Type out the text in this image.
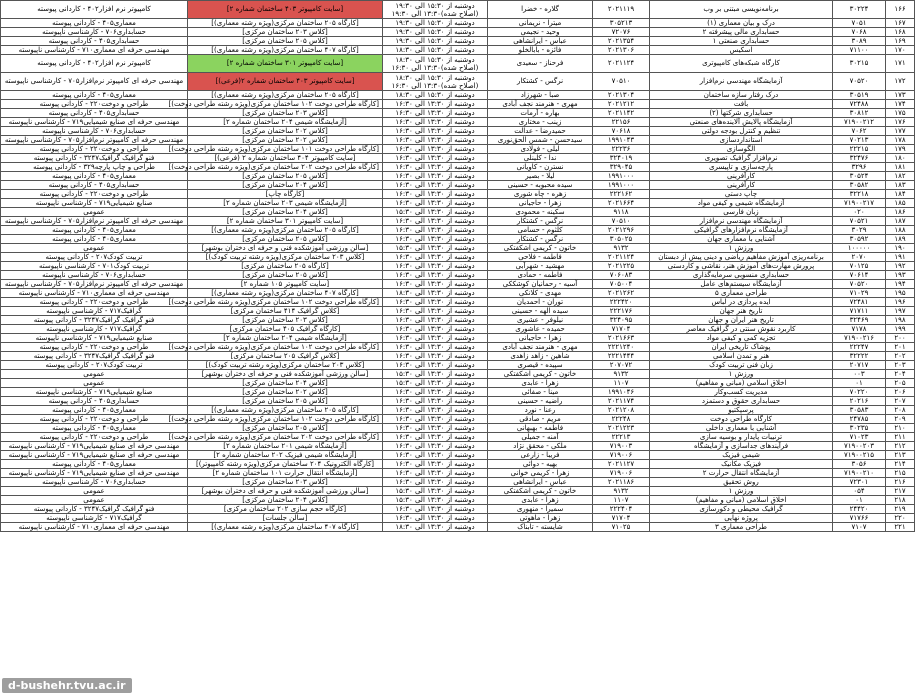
۱۶۶	۳۰۲۲۴	برنامه‌نویسی مبتنی بر وب	۲۰۲۱۱۱۹	گلاره - خضرا	دوشنبه از ۱۵:۳۰ الی ۱۹:۳۰
(اصلاح شده)۱۳:۳۰ الی ۱۹:۳۰	[سایت کامپیوتر ۴۰۳ ساختمان شماره ۲]	کامپیوتر نرم افزار۴۰۲ - کاردانی پیوسته
۱۶۷	۷۰۵۱	درک و بیان معماری (۱)	۳۰۵۲۱۳	میترا - نریمانی	دوشنبه از ۱۵:۳۰ الی ۱۹:۳۰	[کارگاه ۲۰۵ ساختمان مرکزی(ویژه رشته معماری)]	معماری۴۰۵ - کاردانی پیوسته
۱۶۸	۷۰۶۸	حسابداری مالی پیشرفته ۲	۷۲۰۷۶	وحید - نجیمی	دوشنبه از ۱۵:۳۰ الی ۱۹:۳۰	[کلاس ۲۰۳ ساختمان مرکزی]	حسابداری۷۰۶ - کارشناسی ناپیوسته
۱۶۹	۳۰۸۹	حسابداری صنعتی ۱	۲۰۲۱۳۵۴	عباس - ایرانشاهی	دوشنبه از ۱۵:۳۰ الی ۱۹:۳۰	[کلاس ۲۰۵ ساختمان مرکزی]	حسابداری۴۰۵ - کاردانی پیوسته
۱۷۰	۷۱۱۰۰	اسکیس	۲۰۲۱۳۰۶	فائزه - بابالخلو	دوشنبه از ۱۵:۳۰ الی ۱۸:۳۰	[کارگاه ۴۰۷ ساختمان مرکزی(ویژه رشته معماری)]	مهندسی حرفه ای معماری۷۱۰ - کارشناسی ناپیوسته
۱۷۱	۳۰۲۱۵	کارگاه شبکه‌های کامپیوتری	۲۰۲۱۱۲۴	فرحناز - سعیدی	دوشنبه از ۱۵:۳۰ الی ۱۸:۳۰
(اصلاح شده)۱۳:۳۰ الی ۱۶:۳۰	[سایت کامپیوتر ۳۰۱ ساختمان شماره ۲]	کامپیوتر نرم افزار۴۰۲ - کاردانی پیوسته
۱۷۲	۷۰۵۲۰	آزمایشگاه مهندسی نرم‌افزار	۷۰۵۱۰	نرگس - کشتکار	دوشنبه از ۱۵:۳۰ الی ۱۸:۳۰
(اصلاح شده)۱۳:۳۰ الی ۱۶:۳۰	[سایت کامپیوتر ۴۰۳ ساختمان شماره ۲(فرعی)]	مهندسی حرفه ای کامپیوتر نرم‌افزار۷۰۵ - کارشناسی ناپیوسته
۱۷۳	۳۰۵۱۹	درک رفتار سازه ساختمان	۲۰۲۱۳۰۴	صبا - شهرزاد	دوشنبه از ۱۵:۳۰ الی ۱۸:۳۰	[کارگاه ۲۰۵ ساختمان مرکزی(ویژه رشته معماری)]	معماری۴۰۵ - کاردانی پیوسته
۱۷۴	۷۲۴۸۸	بافت	۲۰۲۱۲۱۲	مهری - هنرمند نجف آبادی	دوشنبه از ۱۳:۳۰ الی ۱۶:۳۰	[کارگاه طراحی دوخت ۱۰۲ ساختمان مرکزی(ویژه رشته طراحی دوخت)]	طراحی و دوخت۲۲۰ - کاردانی پیوسته
۱۷۵	۳۰۸۱۲	حسابداری شرکتها (۲)	۲۰۲۱۱۴۲	بهاره - آرمات	دوشنبه از ۱۳:۳۰ الی ۱۶:۳۰	[کلاس ۲۰۳ ساختمان مرکزی]	حسابداری۴۰۵ - کاردانی پیوسته
۱۷۶	۷۱۹۰۰۲۱۲	آزمایشگاه پالایش آلاینده‌های صنعتی	۲۲۱۵۶	زینب - مختاری	دوشنبه از ۱۳:۳۰ الی ۱۶:۳۰	[آزمایشگاه شیمی ۲۰۴ ساختمان شماره ۲]	مهندسی حرفه ای صنایع شیمیایی۷۱۹ - کارشناسی ناپیوسته
۱۷۷	۷۰۶۲	تنظیم و کنترل بودجه دولتی	۷۰۶۱۸	حمیدرضا - عدالت	دوشنبه از ۱۳:۳۰ الی ۱۶:۳۰	[کلاس ۲۰۲ ساختمان مرکزی]	حسابداری۷۰۶ - کارشناسی ناپیوسته
۱۷۸	۷۰۲۱۳	استانداردسازی	۱۹۹۱۰۴۳	سیدحسن - شمس الحق‌نوری	دوشنبه از ۱۳:۳۰ الی ۱۶:۳۰	[کلاس ۲۰۲ ساختمان مرکزی]	مهندسی حرفه ای کامپیوتر نرم‌افزار۷۰۵ - کارشناسی ناپیوسته
۱۷۹	۲۲۲۱۵	الگوسازی	۲۲۲۳۶	لیلی - فولادی	دوشنبه از ۱۳:۳۰ الی ۱۶:۳۰	[کارگاه طراحی دوخت ۱۰۱ ساختمان مرکزی(ویژه رشته طراحی دوخت)]	طراحی و دوخت۲۲۰ - کاردانی پیوسته
۱۸۰	۳۲۴۷۶	نرم‌افزار گرافیک تصویری	۳۲۴۰۱۹	ندا - کلینلی	دوشنبه از ۱۳:۳۰ الی ۱۶:۳۰	[سایت کامپیوتر ۴۰۴ ساختمان شماره ۲ (فرعی)]	فنو گرافیک گرافیک۳۲۴۷ - کاردانی پیوسته
۱۸۱	۳۲۹۶	پارچه‌سازی و تاپیسری	۳۲۹۰۴۵	نسترن - کاویانی	دوشنبه از ۱۳:۳۰ الی ۱۶:۳۰	[کارگاه طراحی دوخت ۲۰۲ ساختمان مرکزی(ویژه رشته طراحی دوخت)]	طراحی و چاپ پارچه۳۲۹ - کاردانی پیوسته
۱۸۲	۳۰۵۲۴	کارآفرینی	۱۹۹۱۰۰۰	لیلا - بصیر	دوشنبه از ۱۳:۳۰ الی ۱۶:۳۰	[کلاس ۲۰۵ ساختمان مرکزی]	معماری۴۰۵ - کاردانی پیوسته
۱۸۳	۳۰۵۸۲	کارآفرینی	۱۹۹۱۰۰۰	سیده محبوبه - حسینی	دوشنبه از ۱۳:۳۰ الی ۱۶:۳۰	[کلاس ۲۰۴ ساختمان مرکزی]	حسابداری۴۰۵ - کاردانی پیوسته
۱۸۴	۳۲۲۱۸	چاپ دستی	۲۲۲۱۶۲	زهره - چاه شوری	دوشنبه از ۱۳:۳۰ الی ۱۶:۳۰	[کارگاه چاپ]	طراحی و دوخت۲۲۰ - کاردانی پیوسته
۱۸۵	۷۱۹۰۰۲۱۷	آزمایشگاه شیمی و کیفی مواد	۲۰۲۱۶۶۴	زهرا - حاجیانی	دوشنبه از ۱۳:۳۰ الی ۱۶:۳۰	[آزمایشگاه شیمی ۲۰۳ ساختمان شماره ۲]	صنایع شیمیایی۷۱۹ - کارشناسی ناپیوسته
۱۸۶	۰۲۰	زبان فارسی	۹۱۱۸	سکینه - محمودی	دوشنبه از ۱۳:۳۰ الی ۱۵:۳۰	[کلاس ۲۰۴ ساختمان مرکزی]	عمومی
۱۸۷	۷۰۵۲۱	آزمایشگاه مهندسی نرم‌افزار	۷۰۵۱۰	نرگس - کشتکار	دوشنبه از ۱۳:۳۰ الی ۱۶:۳۰	[سایت کامپیوتر ۳۰۱ ساختمان شماره ۲]	مهندسی حرفه ای کامپیوتر نرم‌افزار۷۰۵ - کارشناسی ناپیوسته
۱۸۸	۳۰۲۹	آزمایشگاه نرم‌افزارهای گرافیکی	۲۰۲۱۲۹۶	کلثوم - حسامی	دوشنبه از ۱۳:۳۰ الی ۱۶:۳۰	[کارگاه ۲۰۵ ساختمان مرکزی(ویژه رشته معماری)]	معماری۴۰۵ - کاردانی پیوسته
۱۸۹	۳۰۵۹۲	آشنایی با معماری جهان	۳۰۵۰۲۵	نرگس - کشتکار	دوشنبه از ۱۳:۳۰ الی ۱۶:۳۰	[کلاس ۲۰۵ ساختمان مرکزی]	معماری۴۰۵ - کاردانی پیوسته
۱۹۰	۱۰۰۰۰۰	ورزش ۱	۹۱۳۲	خاتون - کریمی اشکفتکی	دوشنبه از ۱۳:۳۰ الی ۱۵:۳۰	[سالن ورزشی آموزشکده فنی و حرفه ای دختران بوشهر]	عمومی
۱۹۱	۲۰۷۰	برنامه‌ریزی آموزش مفاهیم ریاضی و دینی پیش از دبستان	۲۰۲۱۱۲۴	فاطمه - فلاحی	دوشنبه از ۱۳:۳۰ الی ۱۶:۳۰	[کلاس ۲۰۳ ساختمان مرکزی(ویژه رشته تربیت کودک)]	تربیت کودک۲۰۷ - کاردانی پیوسته
۱۹۲	۷۰۱۲۵	پرورش مهارت‌های آموزش هنر، نقاشی و کاردستی	۲۰۲۱۲۲۵	مهشید - شهرآبی	دوشنبه از ۱۳:۳۰ الی ۱۶:۳۰	[کارگاه ۲۰۵ ساختمان مرکزی]	تربیت کودک۷۰۱ - کارشناسی ناپیوسته
۱۹۳	۷۰۶۱۴	حسابداری منسوبی سرمایه‌گذاری	۷۰۶۰۸۳	فاطمه - حمادی	دوشنبه از ۱۳:۳۰ الی ۱۶:۳۰	[کلاس ۲۰۵ ساختمان مرکزی]	حسابداری۷۰۶ - کارشناسی ناپیوسته
۱۹۴	۷۰۵۲۰	آزمایشگاه سیستم‌های عامل	۷۰۵۰۰۴	آسیه - رحمانیان کوشککی	دوشنبه از ۱۳:۳۰ الی ۱۶:۳۰	[سایت کامپیوتر ۱۰۵ شماره ۲]	مهندسی حرفه ای کامپیوتر نرم‌افزار۷۰۵ - کارشناسی ناپیوسته
۱۹۵	۷۱۰۲۹	طراحی معماری ۵	۲۰۲۱۲۶۲	مهدی - کلانکی	دوشنبه از ۱۳:۳۰ الی ۱۸:۳۰	[کارگاه ۴۰۷ ساختمان مرکزی(ویژه رشته معماری)]	مهندسی حرفه ای معماری۷۱۰ - کارشناسی ناپیوسته
۱۹۶	۷۲۴۸۱	ایده پردازی در لباس	۲۲۲۴۲۰	توران - احمدیان	دوشنبه از ۱۳:۳۰ الی ۱۶:۳۰	[کارگاه طراحی دوخت ۱۰۲ ساختمان مرکزی(ویژه رشته طراحی دوخت)]	طراحی و دوخت۲۲۰ - کاردانی پیوسته
۱۹۷	۷۱۷۱۱	تاریخ هنر جهان	۲۲۲۱۷۶	سیده الهه - حسینی	دوشنبه از ۱۳:۳۰ الی ۱۶:۳۰	[کلاس گرافیک ۴۱۴ ساختمان مرکزی]	گرافیک۷۱۷ - کارشناسی ناپیوسته
۱۹۸	۳۲۴۶۹	تاریخ هنر ایران و جهان	۳۲۴۰۹۵	نیلوفر - عشیری	دوشنبه از ۱۳:۳۰ الی ۱۶:۳۰	[کلاس ۲۰۳ ساختمان مرکزی]	فنو گرافیک گرافیک۳۲۴۷ - کاردانی پیوسته
۱۹۹	۷۱۷۸	کاربرد نقوش سنتی در گرافیک معاصر	۷۱۷۰۴	حمیده - عاشوری	دوشنبه از ۱۳:۳۰ الی ۱۶:۳۰	[کارگاه گرافیک ۴۰۵ ساختمان مرکزی]	گرافیک۷۱۷ - کارشناسی ناپیوسته
۲۰۰	۷۱۹۰۰۲۱۶	تجزیه کمی و کیفی مواد	۲۰۲۱۶۶۳	زهرا - حاجیانی	دوشنبه از ۱۳:۳۰ الی ۱۶:۳۰	[آزمایشگاه شیمی ۲۰۴ ساختمان شماره ۲]	صنایع شیمیایی۷۱۹ - کارشناسی ناپیوسته
۲۰۱	۲۲۲۴۷	پوشاک تاریخی ایران	۲۲۲۱۲۴۰	مهری - هنرمند نجف آبادی	دوشنبه از ۱۳:۳۰ الی ۱۶:۳۰	[کارگاه طراحی دوخت ۱۰۲ ساختمان مرکزی(ویژه رشته طراحی دوخت)]	طراحی و دوخت۲۲۰ - کاردانی پیوسته
۲۰۲	۳۲۲۲۲	هنر و تمدن اسلامی	۲۲۲۱۴۴۴	شاهین - زاهد زاهدی	دوشنبه از ۱۳:۳۰ الی ۱۶:۳۰	[کلاس گرافیک ۲۰۵ ساختمان مرکزی]	فنو گرافیک گرافیک۳۲۴۷ - کاردانی پیوسته
۲۰۳	۲۰۷۱۷	زبان فنی تربیت کودک	۲۰۷۰۷۲	سپیده - قیصری	دوشنبه از ۱۳:۳۰ الی ۱۶:۳۰	[کلاس ۲۰۳ ساختمان مرکزی(ویژه رشته تربیت کودک)]	تربیت کودک۲۰۷ - کاردانی پیوسته
۲۰۴	۰۰۳	ورزش ۱	۹۱۳۲	خاتون - کریمی اشکفتکی	دوشنبه از ۱۳:۳۰ الی ۱۵:۳۰	[سالن ورزشی آموزشکده فنی و حرفه ای دختران بوشهر]	عمومی
۲۰۵	۰۱	اخلاق اسلامی (مبانی و مفاهیم)	۱۱۰۷	زهرا - عابدی	دوشنبه از ۱۳:۳۰ الی ۱۵:۳۰	[کلاس ۲۰۴ ساختمان مرکزی]	عمومی
۲۰۶	۷۰۲۲۰	مدیریت کسب‌وکار	۱۹۹۱۰۴۶	مینا - صفائی	دوشنبه از ۱۳:۳۰ الی ۱۶:۳۰	[کلاس ۲۰۲ ساختمان مرکزی]	صنایع شیمیایی۷۱۹ - کارشناسی ناپیوسته
۲۰۷	۲۰۲۱۶	حسابداری حقوق و دستمزد	۲۰۲۱۱۷۴	راضیه - حسینی	دوشنبه از ۱۳:۳۰ الی ۱۶:۳۰	[کلاس ۲۰۵ ساختمان مرکزی]	حسابداری۴۰۵ - کاردانی پیوسته
۲۰۸	۳۰۵۸۳	پرسپکتیو	۲۰۲۱۲۰۸	رعنا - نورد	دوشنبه از ۱۳:۳۰ الی ۱۶:۳۰	[کارگاه ۲۰۵ ساختمان مرکزی(ویژه رشته معماری)]	معماری۴۰۵ - کاردانی پیوسته
۲۰۹	۲۴۷۸۵	کارگاه طراحی دوخت	۲۲۲۴۸	مریم - صادقی	دوشنبه از ۱۳:۳۰ الی ۱۶:۳۰	[کارگاه طراحی دوخت ۱۰۲ ساختمان مرکزی(ویژه رشته طراحی دوخت)]	طراحی و دوخت۲۲۰ - کاردانی پیوسته
۲۱۰	۳۰۲۳۵	آشنایی با معماری داخلی	۲۰۲۱۲۲۳	فاطمه - بهبهانی	دوشنبه از ۱۳:۳۰ الی ۱۶:۳۰	[کلاس ۲۰۵ ساختمان مرکزی]	معماری۴۰۵ - کاردانی پیوسته
۲۱۱	۷۱۰۲۳	ترنیبات پایدار و بوسیه سازی	۲۲۲۱۳	آمنه - جمیلی	دوشنبه از ۱۳:۳۰ الی ۱۶:۳۰	[کارگاه طراحی دوخت ۲۰۲ ساختمان مرکزی(ویژه رشته طراحی دوخت)]	طراحی و دوخت۲۲۰ - کاردانی پیوسته
۲۱۲	۷۱۹۰۰۲۰۳	فرآیندهای جداسازی و آزمایشگاه	۷۱۹۰۰۳	ملکی - محقق نژاد	دوشنبه از ۱۳:۳۰ الی ۱۶:۳۰	[آزمایشگاه شیمی ۲۰۱ ساختمان شماره ۲]	مهندسی حرفه ای صنایع شیمیایی۷۱۹ - کارشناسی ناپیوسته
۲۱۳	۷۱۹۰۰۲۱۵	شیمی فیزیک	۷۱۹۰۰۶	فریبا - زارعی	دوشنبه از ۱۳:۳۰ الی ۱۶:۳۰	[آزمایشگاه شیمی فیزیک ۲۰۲ ساختمان شماره ۲]	مهندسی حرفه ای صنایع شیمیایی۷۱۹ - کارشناسی ناپیوسته
۲۱۴	۳۰۵۶	فیزیک مکانیک	۲۰۲۱۱۲۷	بهیه - دوائی	دوشنبه از ۱۳:۳۰ الی ۱۶:۳۰	[کارگاه الکترونیک ۲۰۴ ساختمان مرکزی(ویژه رشته کامپیوتر)]	معماری۴۰۵ - کاردانی پیوسته
۲۱۵	۷۱۹۰۰۲۱۰	آزمایشگاه انتقال حرارت ۲	۷۱۹۰۰۶	زهرا - کریمی خوانی	دوشنبه از ۱۳:۳۰ الی ۱۶:۳۰	[آزمایشگاه انتقال حرارت ۱۰۱ ساختمان شماره ۲]	مهندسی حرفه ای صنایع شیمیایی۷۱۹ - کارشناسی ناپیوسته
۲۱۶	۷۲۳۰۱	روش تحقیق	۲۰۲۱۱۸۶	عباس - ایرانشاهی	دوشنبه از ۱۳:۳۰ الی ۱۶:۳۰	[کلاس ۲۰۳ ساختمان مرکزی]	حسابداری۷۰۶ - کارشناسی ناپیوسته
۲۱۷	۰۵۴	ورزش ۱	۹۱۳۲	خاتون - کریمی اشکفتکی	دوشنبه از ۱۳:۳۰ الی ۱۵:۳۰	[سالن ورزشی آموزشکده فنی و حرفه ای دختران بوشهر]	عمومی
۲۱۸	۰۱	اخلاق اسلامی (مبانی و مفاهیم)	۱۱۰۷	زهرا - عابدی	دوشنبه از ۱۳:۳۰ الی ۱۵:۳۰	[کلاس ۲۰۴ ساختمان مرکزی]	عمومی
۲۱۹	۲۴۴۲۰	گرافیک محیطی و دکورسازی	۲۲۲۴۰۴	سمیرا - منهوری	دوشنبه از ۱۳:۳۰ الی ۱۶:۳۰	[کارگاه حجم سازی ۲۰۲ ساختمان مرکزی]	فنو گرافیک گرافیک۳۲۴۷ - کاردانی پیوسته
۲۲۰	۷۱۷۶۶	پروژه نهایی	۷۱۷۰۴	زهرا - ماهوتی	دوشنبه از ۱۳:۳۰ الی ۱۶:۳۰	[سالن جلسات]	گرافیک۷۱۷ - کارشناسی ناپیوسته
۲۲۱	۷۱۰۷	طراحی معماری ۳	۷۱۰۲۵	شایسته - تابناک	دوشنبه از ۱۳:۳۰ الی ۱۸:۳۰	[کارگاه ۴۰۷ ساختمان مرکزی(ویژه رشته معماری)]	مهندسی حرفه ای معماری۷۱۰ - کارشناسی ناپیوسته
d-bushehr.tvu.ac.ir
